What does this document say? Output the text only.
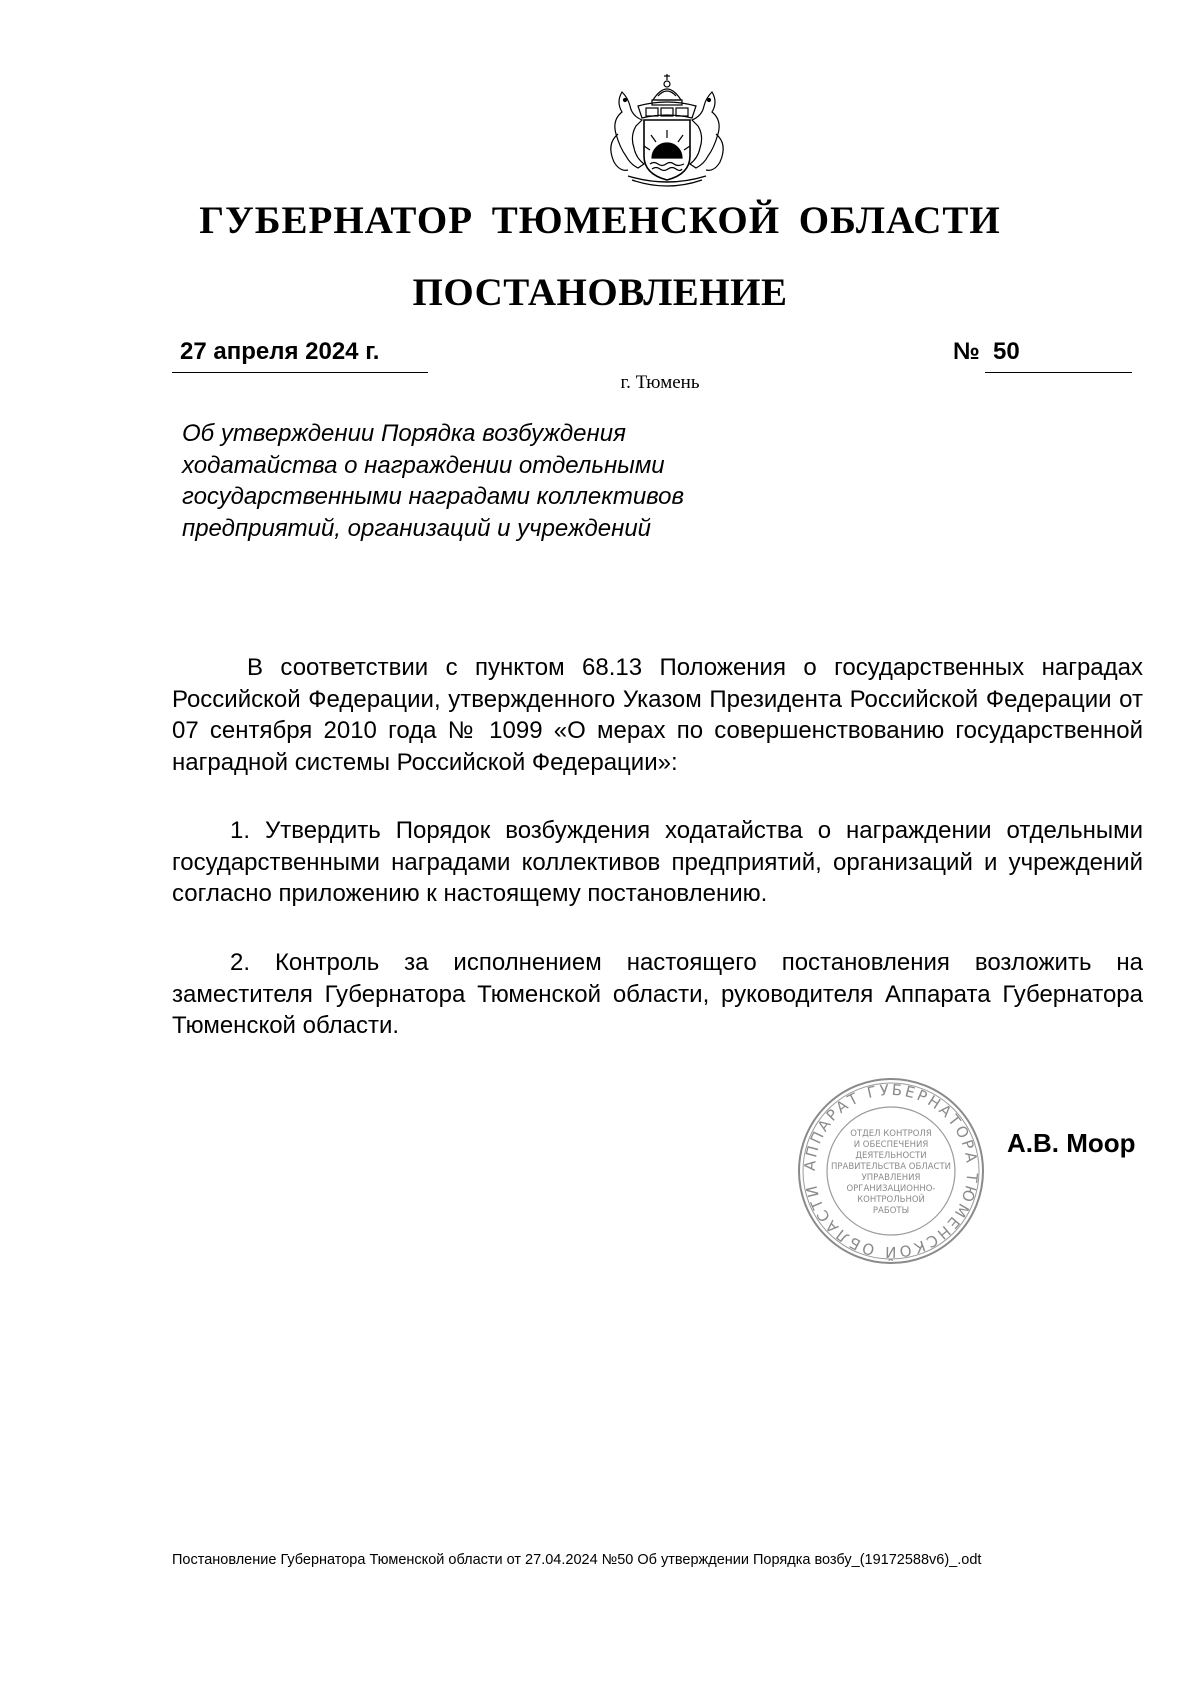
ГУБЕРНАТОР ТЮМЕНСКОЙ ОБЛАСТИ
ПОСТАНОВЛЕНИЕ
27 апреля 2024 г.	№ 50
г. Тюмень
Об утверждении Порядка возбуждения ходатайства о награждении отдельными государственными наградами коллективов предприятий, организаций и учреждений
В соответствии с пунктом 68.13 Положения о государственных наградах Российской Федерации, утвержденного Указом Президента Российской Федерации от 07 сентября 2010 года № 1099 «О мерах по совершенствованию государственной наградной системы Российской Федерации»:
1. Утвердить Порядок возбуждения ходатайства о награждении отдельными государственными наградами коллективов предприятий, организаций и учреждений согласно приложению к настоящему постановлению.
2. Контроль за исполнением настоящего постановления возложить на заместителя Губернатора Тюменской области, руководителя Аппарата Губернатора Тюменской области.
АППАРАТ ГУБЕРНАТОРА ТЮМЕНСКОЙ ОБЛАСТИ
ОТДЕЛ КОНТРОЛЯ
И ОБЕСПЕЧЕНИЯ
ДЕЯТЕЛЬНОСТИ
ПРАВИТЕЛЬСТВА ОБЛАСТИ
УПРАВЛЕНИЯ
ОРГАНИЗАЦИОННО-
КОНТРОЛЬНОЙ
РАБОТЫ
А.В. Моор
Постановление Губернатора Тюменской области от 27.04.2024 №50 Об утверждении Порядка возбу_(19172588v6)_.odt
